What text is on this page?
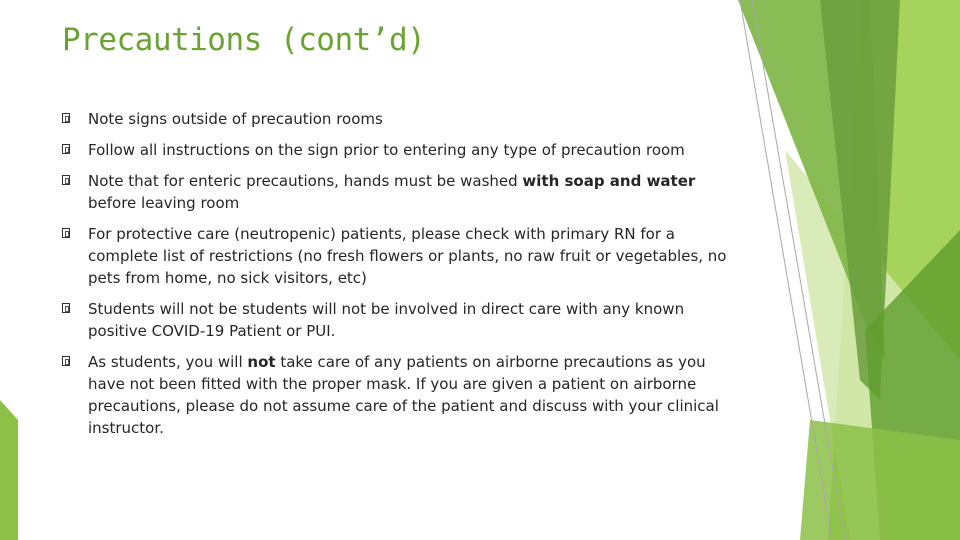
Precautions (cont’d)
Note signs outside of precaution rooms
Follow all instructions on the sign prior to entering any type of precaution room
Note that for enteric precautions, hands must be washed with soap and water before leaving room
For protective care (neutropenic) patients, please check with primary RN for a complete list of restrictions (no fresh flowers or plants, no raw fruit or vegetables, no pets from home, no sick visitors, etc)
Students will not be students will not be involved in direct care with any known positive COVID-19 Patient or PUI.
As students, you will not take care of any patients on airborne precautions as you have not been fitted with the proper mask. If you are given a patient on airborne precautions, please do not assume care of the patient and discuss with your clinical instructor.
